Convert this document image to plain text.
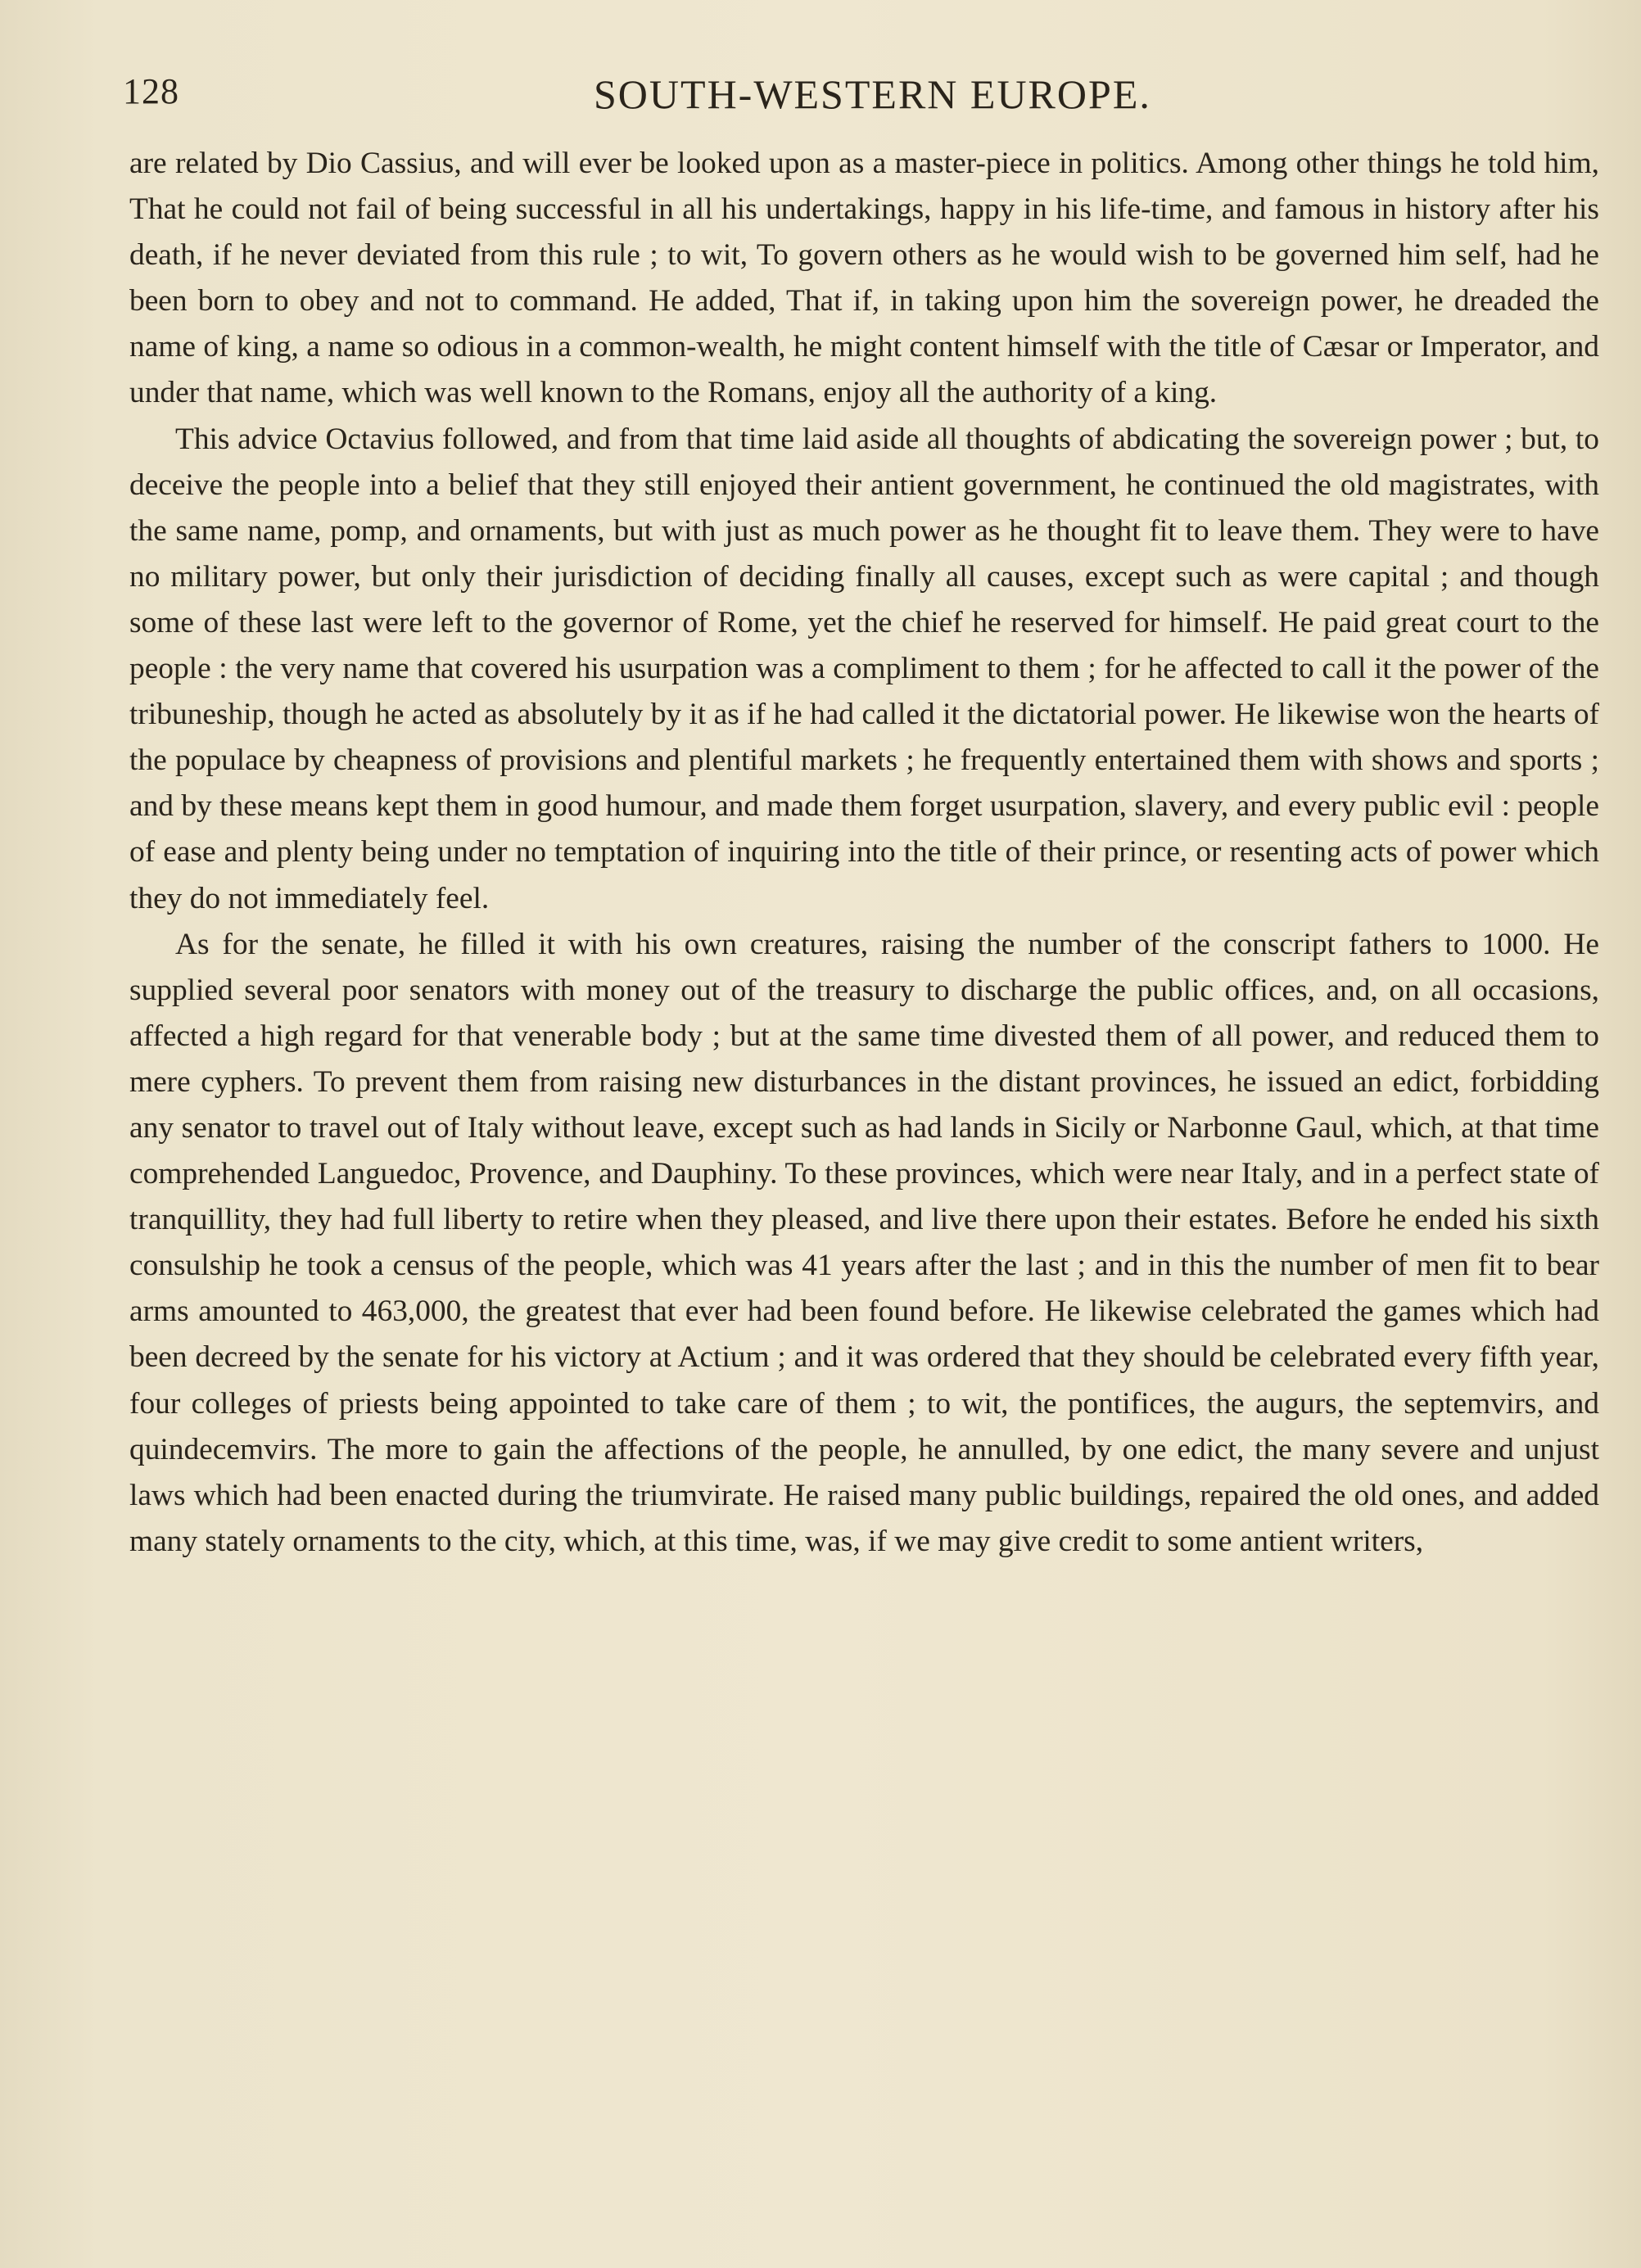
128	SOUTH-WESTERN EUROPE.

are related by Dio Cassius, and will ever be looked upon as a master-piece in politics. Among other things he told him, That he could not fail of being successful in all his undertakings, happy in his life-time, and famous in history after his death, if he never deviated from this rule ; to wit, To govern others as he would wish to be governed him self, had he been born to obey and not to command. He added, That if, in taking upon him the sovereign power, he dreaded the name of king, a name so odious in a common-wealth, he might content himself with the title of Cæsar or Imperator, and under that name, which was well known to the Romans, enjoy all the authority of a king.

This advice Octavius followed, and from that time laid aside all thoughts of abdicating the sovereign power ; but, to deceive the people into a belief that they still enjoyed their antient government, he continued the old magistrates, with the same name, pomp, and ornaments, but with just as much power as he thought fit to leave them. They were to have no military power, but only their jurisdiction of deciding finally all causes, except such as were capital ; and though some of these last were left to the governor of Rome, yet the chief he reserved for himself. He paid great court to the people : the very name that covered his usurpation was a compliment to them ; for he affected to call it the power of the tribuneship, though he acted as absolutely by it as if he had called it the dictatorial power. He likewise won the hearts of the populace by cheapness of provisions and plentiful markets ; he frequently entertained them with shows and sports ; and by these means kept them in good humour, and made them forget usurpation, slavery, and every public evil : people of ease and plenty being under no temptation of inquiring into the title of their prince, or resenting acts of power which they do not immediately feel.

As for the senate, he filled it with his own creatures, raising the number of the conscript fathers to 1000. He supplied several poor senators with money out of the treasury to discharge the public offices, and, on all occasions, affected a high regard for that venerable body ; but at the same time divested them of all power, and reduced them to mere cyphers. To prevent them from raising new disturbances in the distant provinces, he issued an edict, forbidding any senator to travel out of Italy without leave, except such as had lands in Sicily or Narbonne Gaul, which, at that time comprehended Languedoc, Provence, and Dauphiny. To these provinces, which were near Italy, and in a perfect state of tranquillity, they had full liberty to retire when they pleased, and live there upon their estates. Before he ended his sixth consulship he took a census of the people, which was 41 years after the last ; and in this the number of men fit to bear arms amounted to 463,000, the greatest that ever had been found before. He likewise celebrated the games which had been decreed by the senate for his victory at Actium ; and it was ordered that they should be celebrated every fifth year, four colleges of priests being appointed to take care of them ; to wit, the pontifices, the augurs, the septemvirs, and quindecemvirs. The more to gain the affections of the people, he annulled, by one edict, the many severe and unjust laws which had been enacted during the triumvirate. He raised many public buildings, repaired the old ones, and added many stately ornaments to the city, which, at this time, was, if we may give credit to some antient writers,
